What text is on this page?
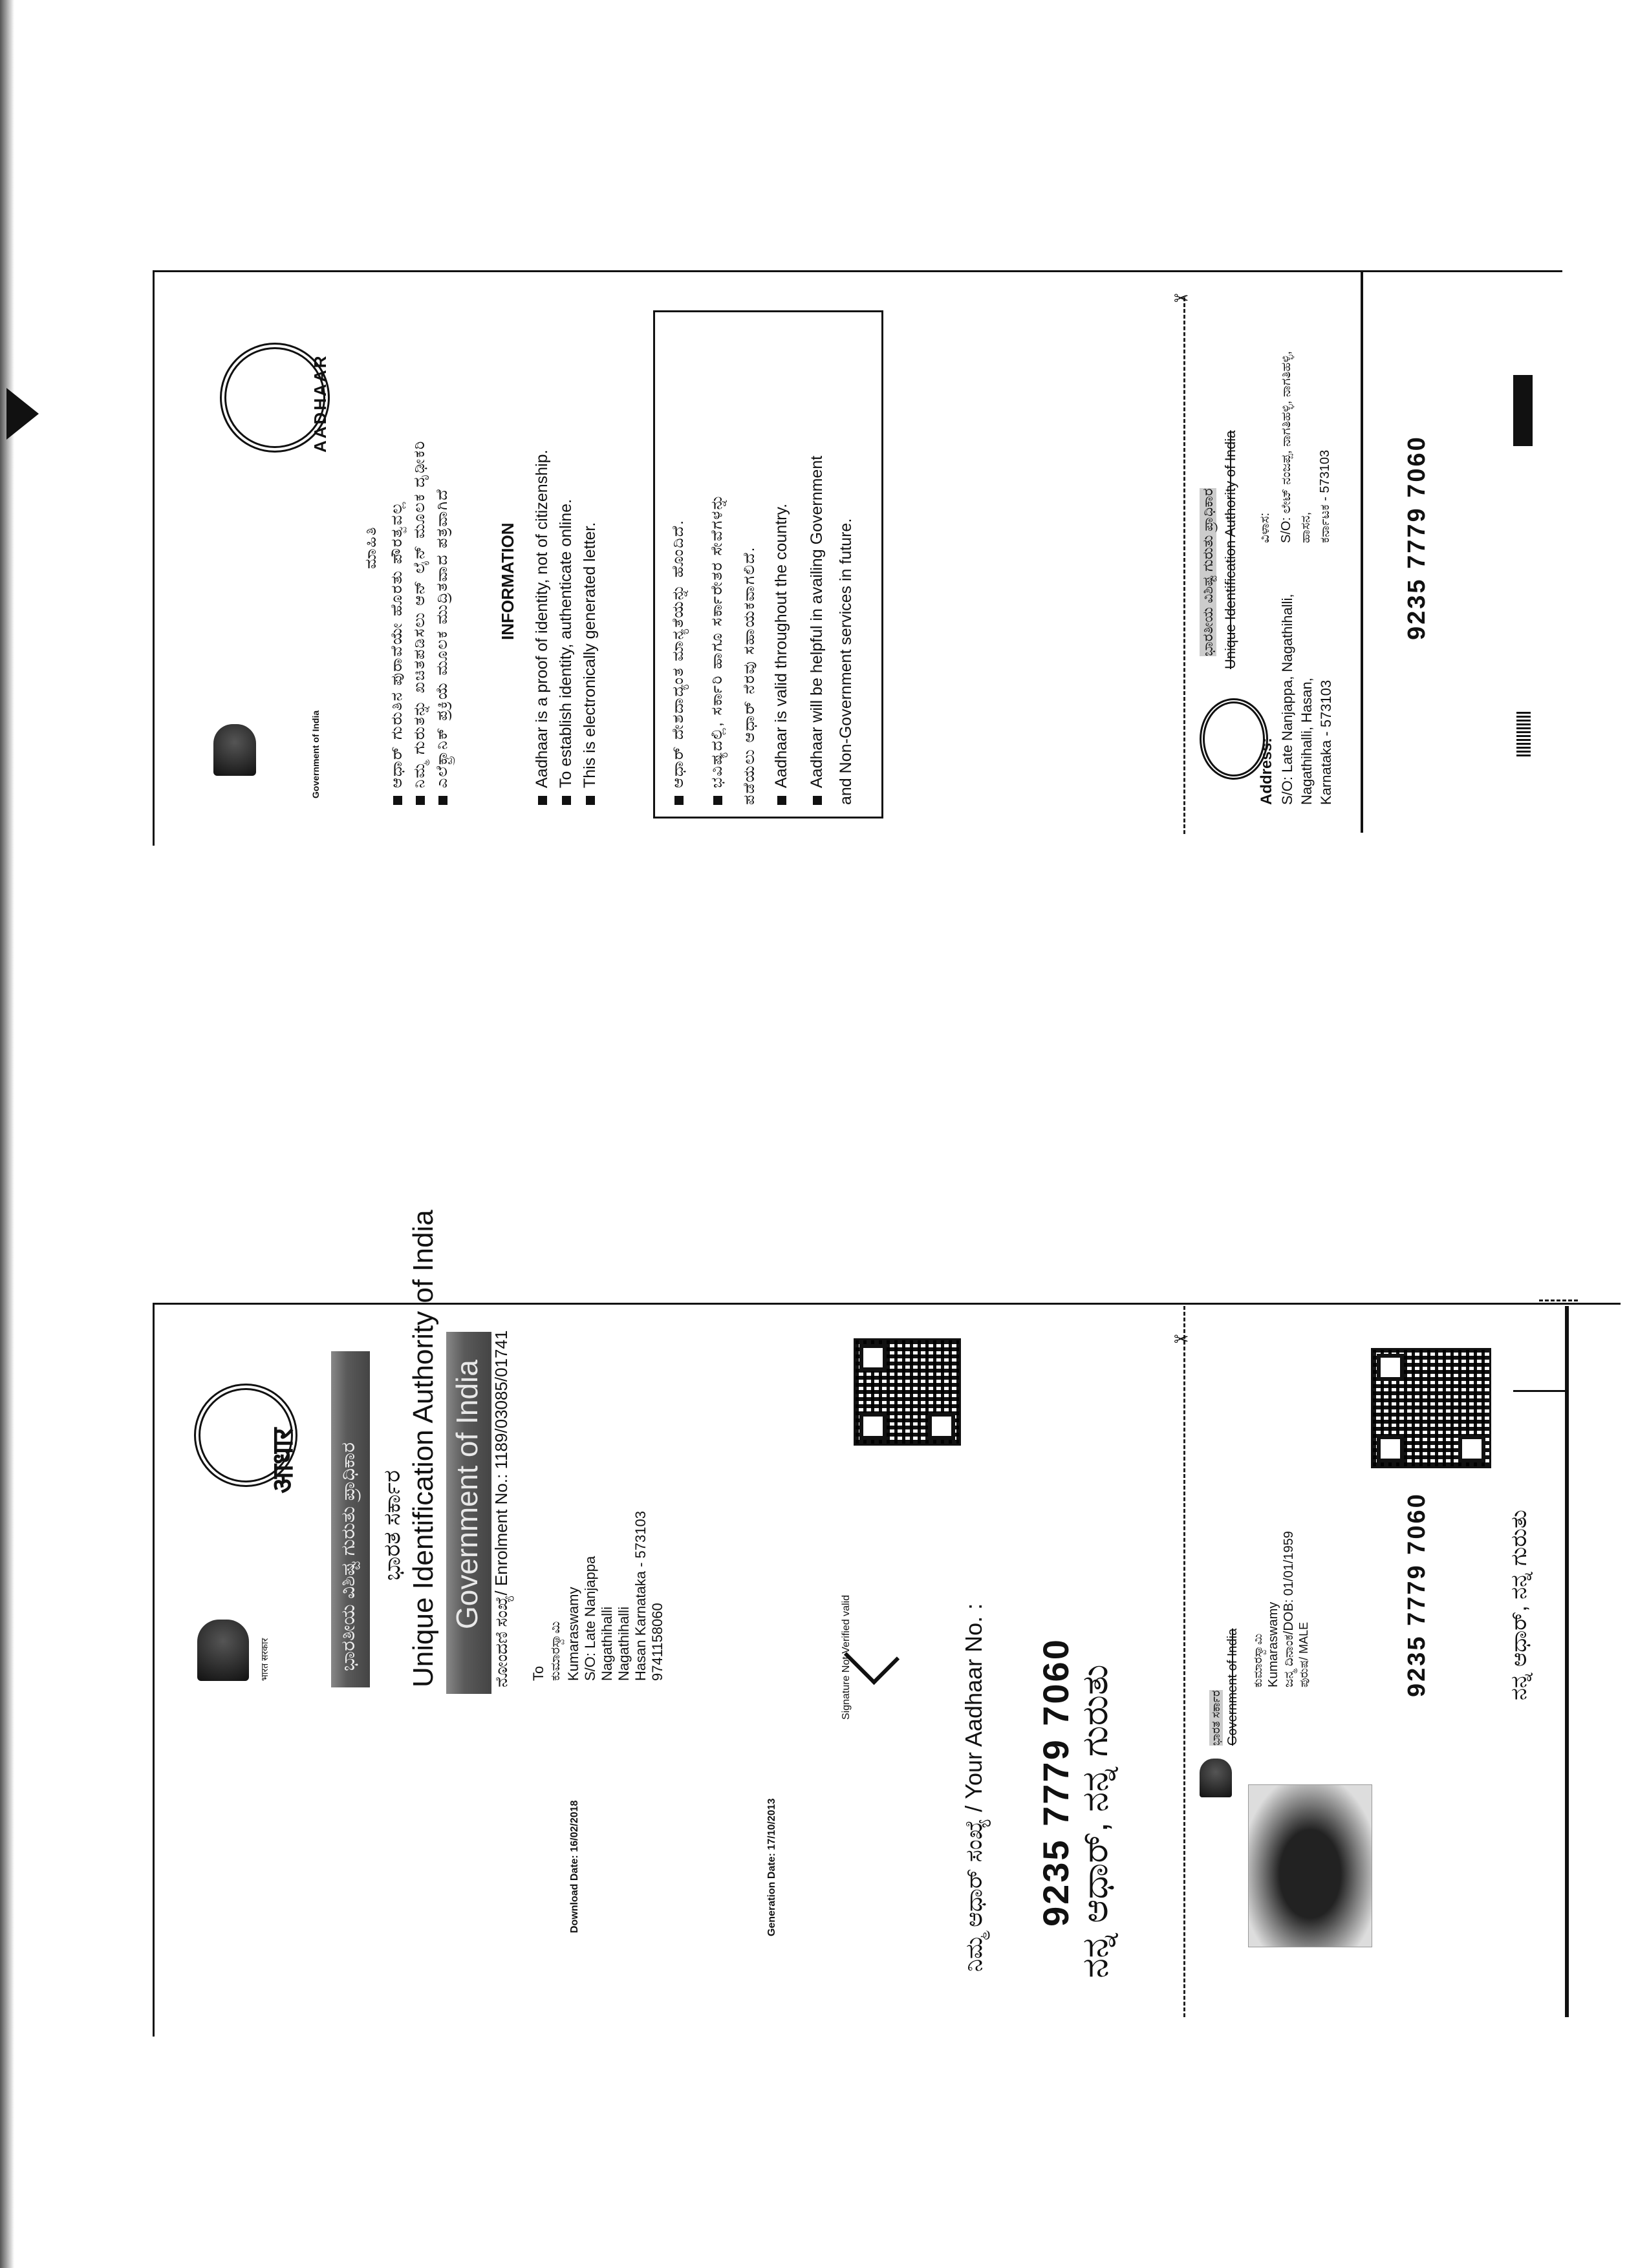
✂
Government of India
AADHAAR
ಮಾಹಿತಿ ಆಧಾರ್ ಗುರುತಿನ ಪುರಾವೆಯೇ ಹೊರತು ಪೌರತ್ವವಲ್ಲ ನಿಮ್ಮ ಗುರುತನ್ನು ಖಚಿತಪಡಿಸಲು ಆನ್ ಲೈನ್ ಮೂಲಕ ದೃಢೀಕರಿ ಎಲೆಕ್ಟ್ರಾನಿಕ್ ಪ್ರಕ್ರಿಯೆ ಮೂಲಕ ಮುದ್ರಿತವಾದ ಪತ್ರವಾಗಿದೆ	INFORMATION Aadhaar is a proof of identity, not of citizenship. To establish identity, authenticate online. This is electronically generated letter.	ಆಧಾರ್ ದೇಶದಾದ್ಯಂತ ಮಾನ್ಯತೆಯನ್ನು ಹೊಂದಿದೆ. ಭವಿಷ್ಯದಲ್ಲಿ, ಸರ್ಕಾರಿ ಹಾಗೂ ಸರ್ಕಾರೇತರ ಸೇವೆಗಳನ್ನು ಪಡೆಯಲು ಆಧಾರ್ ನೆರವು ಸಹಾಯಕವಾಗಲಿದೆ. Aadhaar is valid throughout the country. Aadhaar will be helpful in availing Government and Non-Government services in future.	ಭಾರತೀಯ ವಿಶಿಷ್ಟ ಗುರುತು ಪ್ರಾಧಿಕಾರ Unique Identification Authority of India
Address: S/O: Late Nanjappa, Nagathihalli, Nagathihalli, Hasan, Karnataka - 573103
ವಿಳಾಸ: S/O: ಲೇಟ್ ನಂಜಪ್ಪ, ನಾಗತಿಹಳ್ಳಿ, ನಾಗತಿಹಳ್ಳಿ, ಹಾಸನ, ಕರ್ನಾಟಕ - 573103	9235 7779 7060
✂
भारत सरकार
आधार ಭಾರತೀಯ ವಿಶಿಷ್ಟ ಗುರುತು ಪ್ರಾಧಿಕಾರ ಭಾರತ ಸರ್ಕಾರ Unique Identification Authority of India Government of India ನೋಂದಣಿ ಸಂಖ್ಯೆ/ Enrolment No.: 1189/03085/01741 To ಕುಮಾರಸ್ವಾಮಿ Kumaraswamy S/O: Late Nanjappa Nagathihalli Nagathihalli Hasan Karnataka - 573103 9741158060
Download Date: 16/02/2018	Generation Date: 17/10/2013
Signature Not Verified valid	ನಿಮ್ಮ ಆಧಾರ್ ಸಂಖ್ಯೆ / Your Aadhaar No. : 9235 7779 7060
ನನ್ನ ಆಧಾರ್, ನನ್ನ ಗುರುತು	ಭಾರತ ಸರ್ಕಾರ Government of India ಕುಮಾರಸ್ವಾಮಿ Kumaraswamy ಜನ್ಮ ದಿನಾಂಕ/DOB: 01/01/1959 ಪುರುಷ/ MALE	9235 7779 7060	ನನ್ನ ಆಧಾರ್, ನನ್ನ ಗುರುತು
